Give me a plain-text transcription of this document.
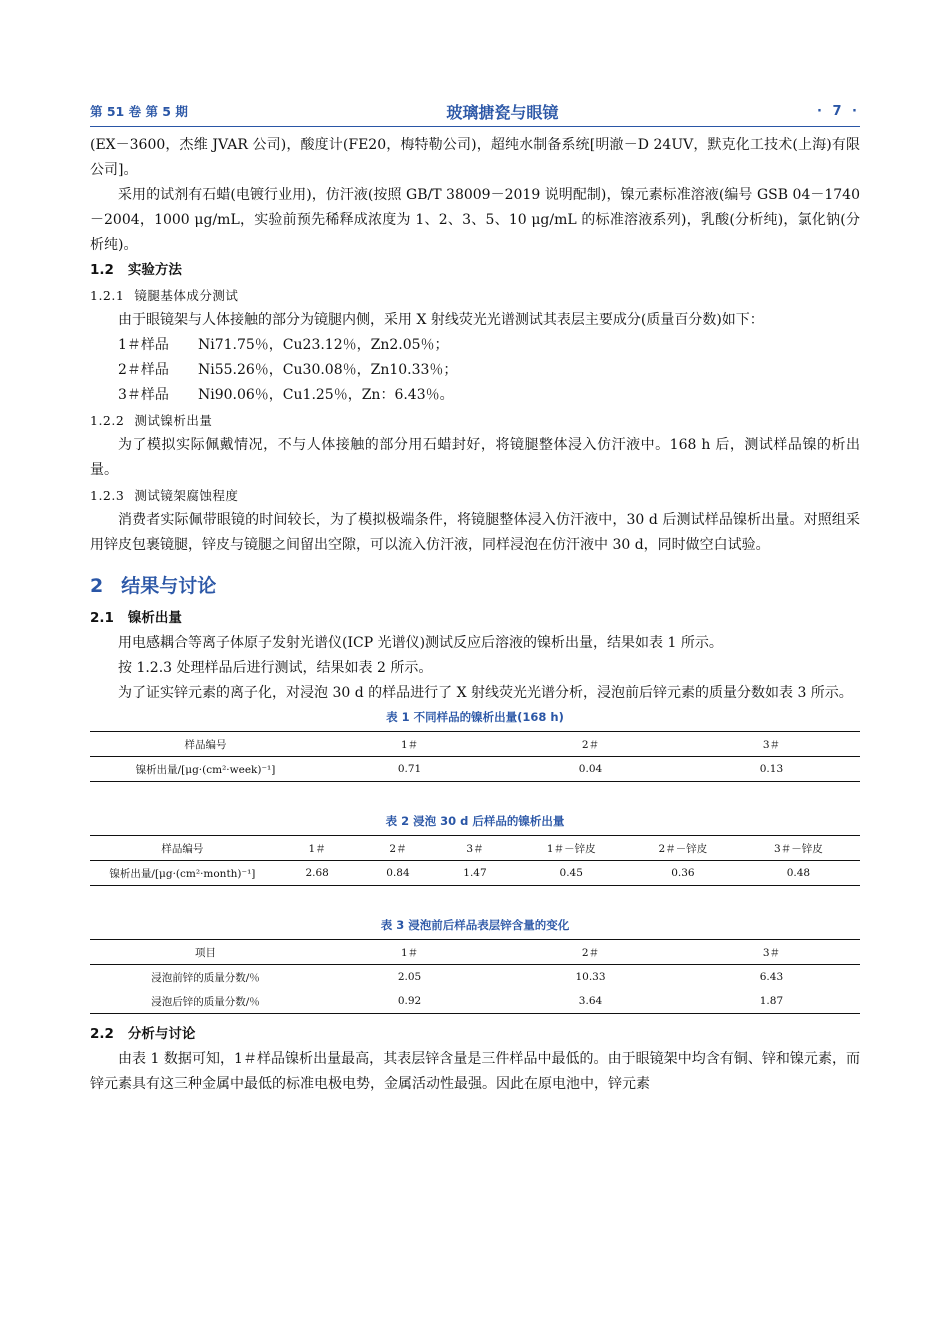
第 51 卷 第 5 期	玻璃搪瓷与眼镜	· 7 ·

(EX－3600，杰维 JVAR 公司)，酸度计(FE20，梅特勒公司)，超纯水制备系统[明澈－D 24UV，默克化工技术(上海)有限公司]。

采用的试剂有石蜡(电镀行业用)，仿汗液(按照 GB/T 38009－2019 说明配制)，镍元素标准溶液(编号 GSB 04－1740－2004，1000 μg/mL，实验前预先稀释成浓度为 1、2、3、5、10 μg/mL 的标准溶液系列)，乳酸(分析纯)，氯化钠(分析纯)。

1.2 实验方法
1.2.1 镜腿基体成分测试

由于眼镜架与人体接触的部分为镜腿内侧，采用 X 射线荧光光谱测试其表层主要成分(质量百分数)如下：

1＃样品 Ni71.75％，Cu23.12％，Zn2.05％；
2＃样品 Ni55.26％，Cu30.08％，Zn10.33％；
3＃样品 Ni90.06％，Cu1.25％，Zn：6.43％。
1.2.2 测试镍析出量

为了模拟实际佩戴情况，不与人体接触的部分用石蜡封好，将镜腿整体浸入仿汗液中。168 h 后，测试样品镍的析出量。

1.2.3 测试镜架腐蚀程度

消费者实际佩带眼镜的时间较长，为了模拟极端条件，将镜腿整体浸入仿汗液中，30 d 后测试样品镍析出量。对照组采用锌皮包裹镜腿，锌皮与镜腿之间留出空隙，可以流入仿汗液，同样浸泡在仿汗液中 30 d，同时做空白试验。

2 结果与讨论
2.1 镍析出量

用电感耦合等离子体原子发射光谱仪(ICP 光谱仪)测试反应后溶液的镍析出量，结果如表 1 所示。

按 1.2.3 处理样品后进行测试，结果如表 2 所示。

为了证实锌元素的离子化，对浸泡 30 d 的样品进行了 X 射线荧光光谱分析，浸泡前后锌元素的质量分数如表 3 所示。

表 1 不同样品的镍析出量(168 h)
样品编号	1＃	2＃	3＃
镍析出量/[μg·(cm²·week)⁻¹]	0.71	0.04	0.13
表 2 浸泡 30 d 后样品的镍析出量
样品编号	1＃	2＃	3＃	1＃－锌皮	2＃－锌皮	3＃－锌皮
镍析出量/[μg·(cm²·month)⁻¹]	2.68	0.84	1.47	0.45	0.36	0.48
表 3 浸泡前后样品表层锌含量的变化
项目	1＃	2＃	3＃
浸泡前锌的质量分数/％	2.05	10.33	6.43
浸泡后锌的质量分数/％	0.92	3.64	1.87
2.2 分析与讨论

由表 1 数据可知，1＃样品镍析出量最高，其表层锌含量是三件样品中最低的。由于眼镜架中均含有铜、锌和镍元素，而锌元素具有这三种金属中最低的标准电极电势，金属活动性最强。因此在原电池中，锌元素
